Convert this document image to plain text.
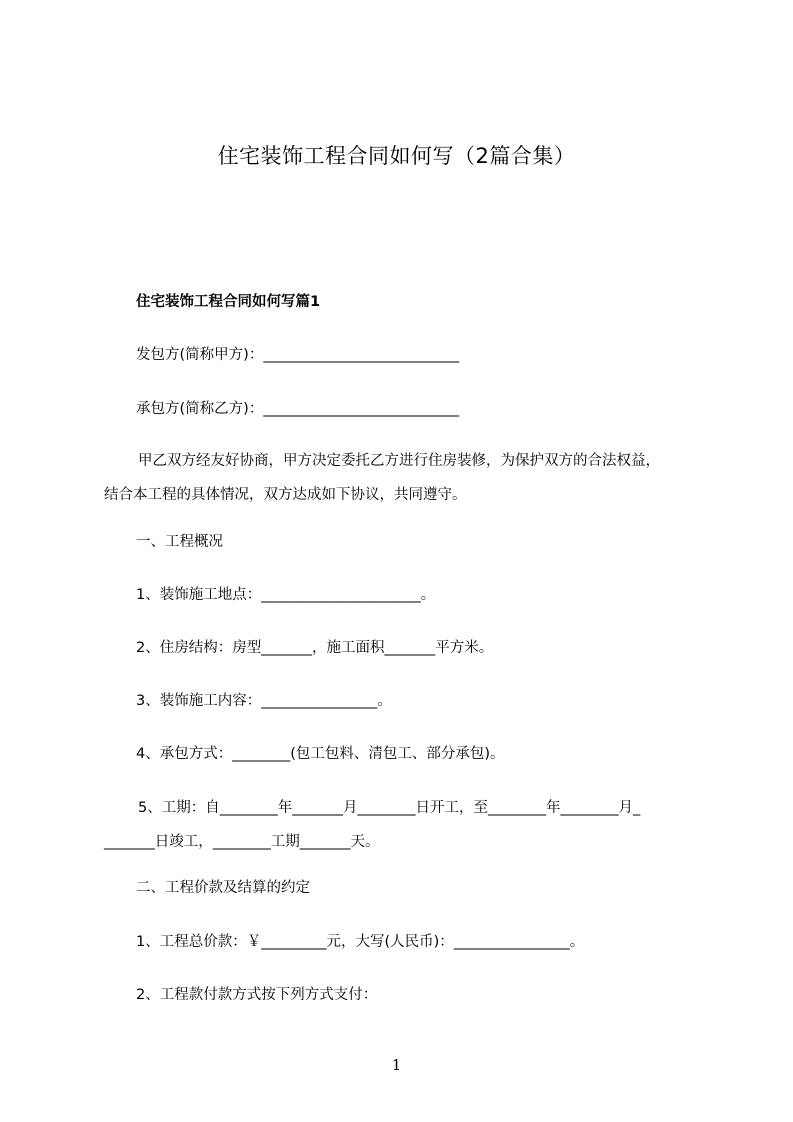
住宅装饰工程合同如何写（2篇合集）
住宅装饰工程合同如何写篇1
发包方(简称甲方)：___________________________
承包方(简称乙方)：___________________________
甲乙双方经友好协商，甲方决定委托乙方进行住房装修，为保护双方的合法权益，
结合本工程的具体情况，双方达成如下协议，共同遵守。
一、工程概况
1、装饰施工地点：______________________。
2、住房结构：房型_______，施工面积_______平方米。
3、装饰施工内容：________________。
4、承包方式：________(包工包料、清包工、部分承包)。
5、工期：自________年_______月________日开工，至________年________月_
_______日竣工，________工期_______天。
二、工程价款及结算的约定
1、工程总价款：￥_________元，大写(人民币)：________________。
2、工程款付款方式按下列方式支付：
1
